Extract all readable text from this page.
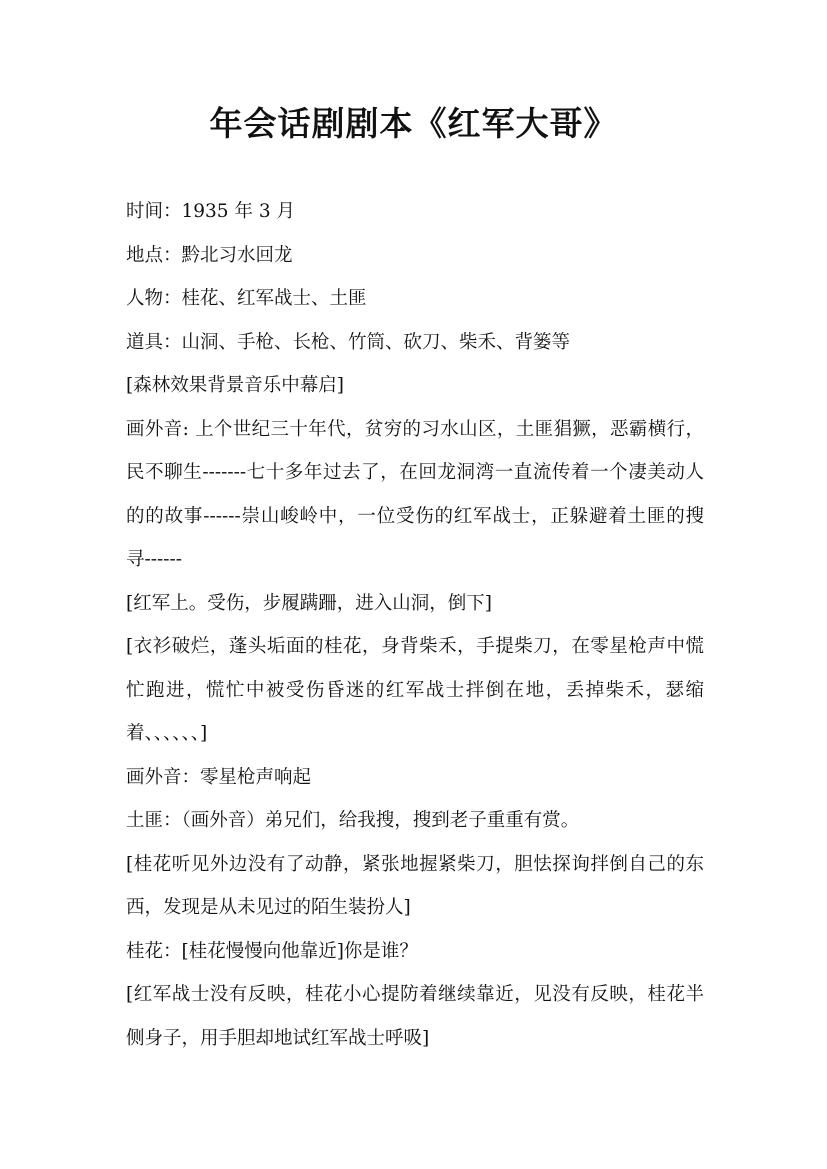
年会话剧剧本《红军大哥》

时间：1935 年 3 月

地点：黔北习水回龙

人物：桂花、红军战士、土匪

道具：山洞、手枪、长枪、竹筒、砍刀、柴禾、背篓等

[森林效果背景音乐中幕启]

画外音: 上个世纪三十年代，贫穷的习水山区，土匪猖獗，恶霸横行，民不聊生-------七十多年过去了，在回龙洞湾一直流传着一个凄美动人的的故事------崇山峻岭中，一位受伤的红军战士，正躲避着土匪的搜寻------

[红军上。受伤，步履蹒跚，进入山洞，倒下]

[衣衫破烂，蓬头垢面的桂花，身背柴禾，手提柴刀，在零星枪声中慌忙跑进，慌忙中被受伤昏迷的红军战士拌倒在地，丢掉柴禾，瑟缩着、、、、、、]

画外音：零星枪声响起

土匪：（画外音）弟兄们，给我搜，搜到老子重重有赏。

[桂花听见外边没有了动静，紧张地握紧柴刀，胆怯探询拌倒自己的东西，发现是从未见过的陌生装扮人]

桂花：[桂花慢慢向他靠近]你是谁？

[红军战士没有反映，桂花小心提防着继续靠近，见没有反映，桂花半侧身子，用手胆却地试红军战士呼吸]
